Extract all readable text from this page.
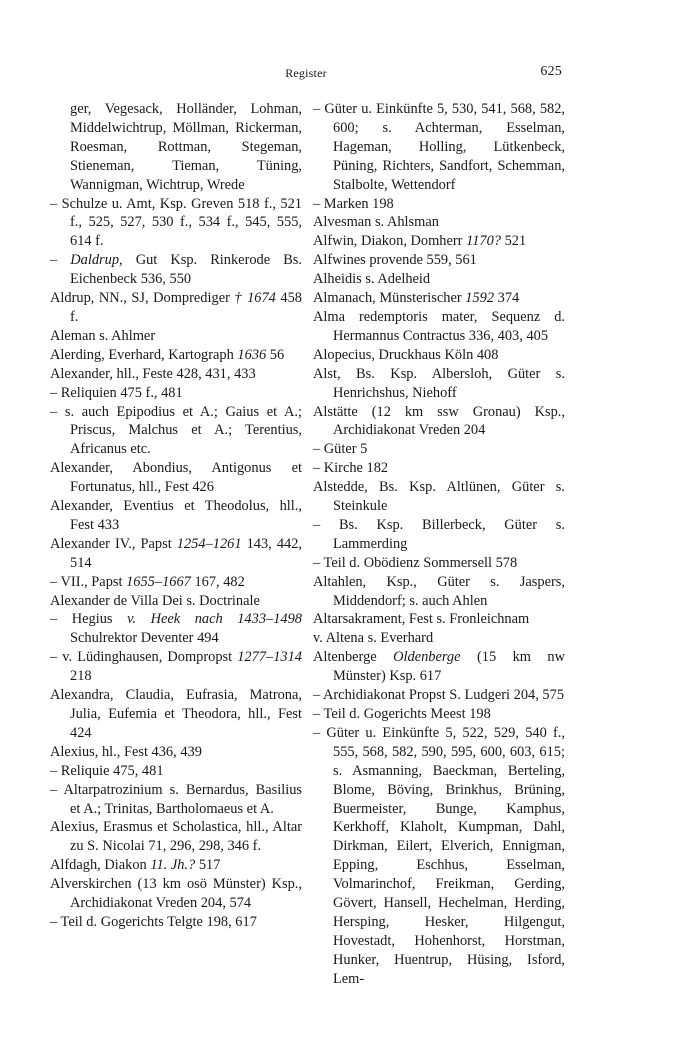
Register	625

ger, Vegesack, Holländer, Lohman, Middelwichtrup, Möllman, Rickerman, Roesman, Rottman, Stegeman, Stieneman, Tieman, Tüning, Wannigman, Wichtrup, Wrede

– Schulze u. Amt, Ksp. Greven 518 f., 521 f., 525, 527, 530 f., 534 f., 545, 555, 614 f.

– Daldrup, Gut Ksp. Rinkerode Bs. Eichenbeck 536, 550

Aldrup, NN., SJ, Domprediger † 1674 458 f.

Aleman s. Ahlmer

Alerding, Everhard, Kartograph 1636 56

Alexander, hll., Feste 428, 431, 433

– Reliquien 475 f., 481

– s. auch Epipodius et A.; Gaius et A.; Priscus, Malchus et A.; Terentius, Africanus etc.

Alexander, Abondius, Antigonus et Fortunatus, hll., Fest 426

Alexander, Eventius et Theodolus, hll., Fest 433

Alexander IV., Papst 1254–1261 143, 442, 514

– VII., Papst 1655–1667 167, 482

Alexander de Villa Dei s. Doctrinale

– Hegius v. Heek nach 1433–1498 Schulrektor Deventer 494

– v. Lüdinghausen, Dompropst 1277–1314 218

Alexandra, Claudia, Eufrasia, Matrona, Julia, Eufemia et Theodora, hll., Fest 424

Alexius, hl., Fest 436, 439

– Reliquie 475, 481

– Altarpatrozinium s. Bernardus, Basilius et A.; Trinitas, Bartholomaeus et A.

Alexius, Erasmus et Scholastica, hll., Altar zu S. Nicolai 71, 296, 298, 346 f.

Alfdagh, Diakon 11. Jh.? 517

Alverskirchen (13 km osö Münster) Ksp., Archidiakonat Vreden 204, 574

– Teil d. Gogerichts Telgte 198, 617

– Güter u. Einkünfte 5, 530, 541, 568, 582, 600; s. Achterman, Esselman, Hageman, Holling, Lütkenbeck, Püning, Richters, Sandfort, Schemman, Stalbolte, Wettendorf

– Marken 198

Alvesman s. Ahlsman

Alfwin, Diakon, Domherr 1170? 521

Alfwines provende 559, 561

Alheidis s. Adelheid

Almanach, Münsterischer 1592 374

Alma redemptoris mater, Sequenz d. Hermannus Contractus 336, 403, 405

Alopecius, Druckhaus Köln 408

Alst, Bs. Ksp. Albersloh, Güter s. Henrichshus, Niehoff

Alstätte (12 km ssw Gronau) Ksp., Archidiakonat Vreden 204

– Güter 5

– Kirche 182

Alstedde, Bs. Ksp. Altlünen, Güter s. Steinkule

– Bs. Ksp. Billerbeck, Güter s. Lammerding

– Teil d. Obödienz Sommersell 578

Altahlen, Ksp., Güter s. Jaspers, Middendorf; s. auch Ahlen

Altarsakrament, Fest s. Fronleichnam

v. Altena s. Everhard

Altenberge Oldenberge (15 km nw Münster) Ksp. 617

– Archidiakonat Propst S. Ludgeri 204, 575

– Teil d. Gogerichts Meest 198

– Güter u. Einkünfte 5, 522, 529, 540 f., 555, 568, 582, 590, 595, 600, 603, 615; s. Asmanning, Baeckman, Berteling, Blome, Böving, Brinkhus, Brüning, Buermeister, Bunge, Kamphus, Kerkhoff, Klaholt, Kumpman, Dahl, Dirkman, Eilert, Elverich, Ennigman, Epping, Eschhus, Esselman, Volmarinchof, Freikman, Gerding, Gövert, Hansell, Hechelman, Herding, Hersping, Hesker, Hilgengut, Hovestadt, Hohenhorst, Horstman, Hunker, Huentrup, Hüsing, Isford, Lem-
